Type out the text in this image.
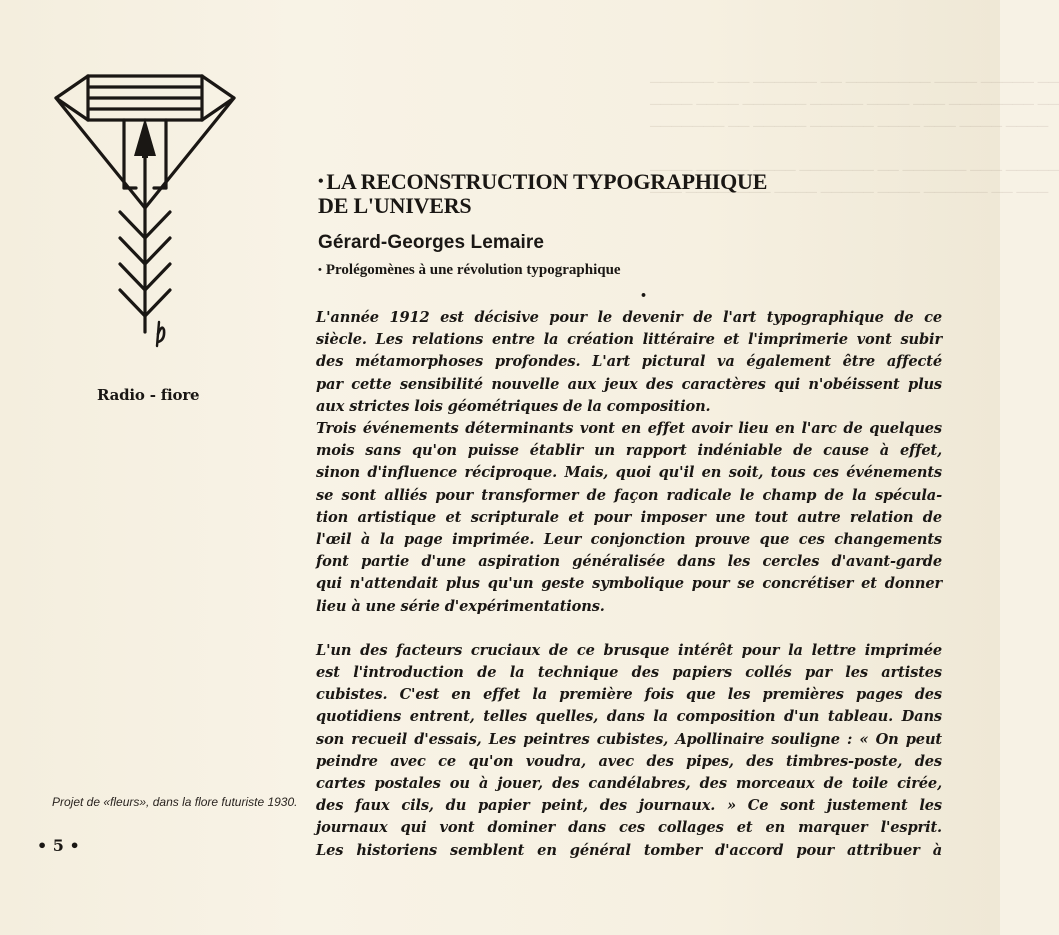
────── ─── ────── ── ──────── ──── ───── ──
──── ──── ────── ───── ──── ─── ──────── ──
─────── ── ───── ────── ──── ─── ──── ────

──── ───── ──── ─────── ── ────── ─── ─────
─── ──────── ──── ───── ──── ────── ── ───
Radio - fiore
Projet de «fleurs», dans la flore futuriste 1930.
• 5 •
• LA RECONSTRUCTION TYPOGRAPHIQUE
DE L'UNIVERS
Gérard-Georges Lemaire
• Prolégomènes à une révolution typographique
•

L'année 1912 est décisive pour le devenir de l'art typographique de ce
siècle. Les relations entre la création littéraire et l'imprimerie vont subir
des métamorphoses profondes. L'art pictural va également être affecté
par cette sensibilité nouvelle aux jeux des caractères qui n'obéissent plus
aux strictes lois géométriques de la composition.

Trois événements déterminants vont en effet avoir lieu en l'arc de quelques
mois sans qu'on puisse établir un rapport indéniable de cause à effet,
sinon d'influence réciproque. Mais, quoi qu'il en soit, tous ces événements
se sont alliés pour transformer de façon radicale le champ de la spécula-
tion artistique et scripturale et pour imposer une tout autre relation de
l'œil à la page imprimée. Leur conjonction prouve que ces changements
font partie d'une aspiration généralisée dans les cercles d'avant-garde
qui n'attendait plus qu'un geste symbolique pour se concrétiser et donner
lieu à une série d'expérimentations.

L'un des facteurs cruciaux de ce brusque intérêt pour la lettre imprimée
est l'introduction de la technique des papiers collés par les artistes
cubistes. C'est en effet la première fois que les premières pages des
quotidiens entrent, telles quelles, dans la composition d'un tableau. Dans
son recueil d'essais, Les peintres cubistes, Apollinaire souligne : « On peut
peindre avec ce qu'on voudra, avec des pipes, des timbres-poste, des
cartes postales ou à jouer, des candélabres, des morceaux de toile cirée,
des faux cils, du papier peint, des journaux. » Ce sont justement les
journaux qui vont dominer dans ces collages et en marquer l'esprit.
Les historiens semblent en général tomber d'accord pour attribuer à
